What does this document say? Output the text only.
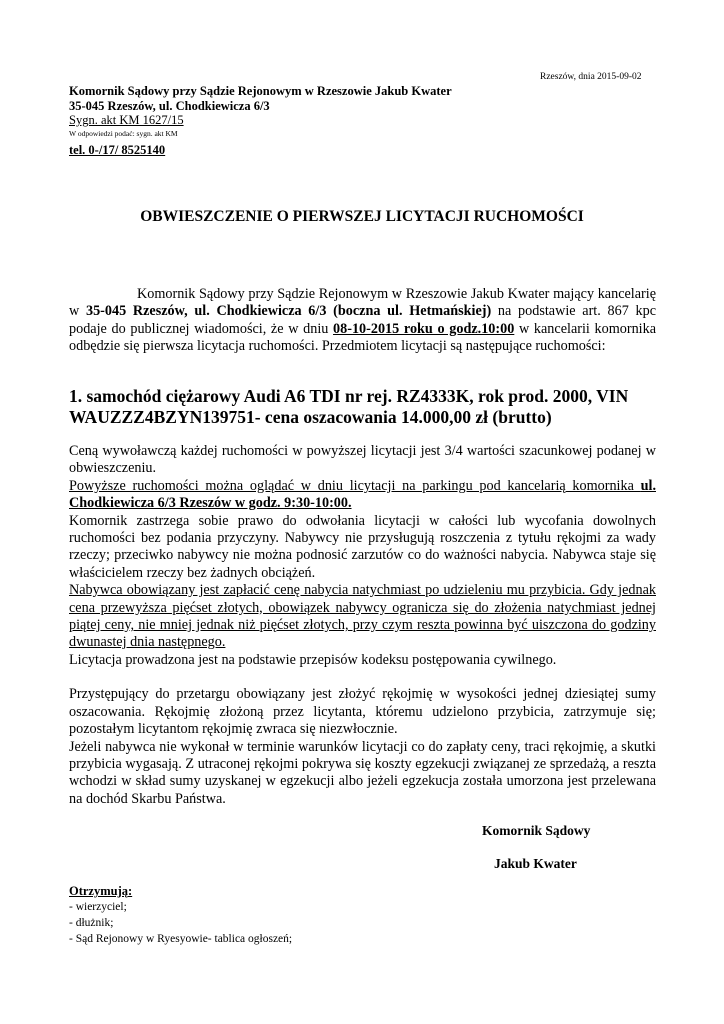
Rzeszów, dnia 2015-09-02
Komornik Sądowy przy Sądzie Rejonowym w Rzeszowie Jakub Kwater
35-045 Rzeszów, ul. Chodkiewicza 6/3
Sygn. akt KM 1627/15
W odpowiedzi podać: sygn. akt KM
tel. 0-/17/ 8525140
OBWIESZCZENIE O PIERWSZEJ LICYTACJI RUCHOMOŚCI
Komornik Sądowy przy Sądzie Rejonowym w Rzeszowie Jakub Kwater mający kancelarię w 35-045 Rzeszów, ul. Chodkiewicza 6/3 (boczna ul. Hetmańskiej) na podstawie art. 867 kpc podaje do publicznej wiadomości, że w dniu 08-10-2015 roku o godz.10:00 w kancelarii komornika odbędzie się pierwsza licytacja ruchomości. Przedmiotem licytacji są następujące ruchomości:
1. samochód ciężarowy Audi A6 TDI nr rej. RZ4333K, rok prod. 2000, VIN WAUZZZ4BZYN139751- cena oszacowania 14.000,00 zł (brutto)
Ceną wywoławczą każdej ruchomości w powyższej licytacji jest 3/4 wartości szacunkowej podanej w obwieszczeniu.
Powyższe ruchomości można oglądać w dniu licytacji na parkingu pod kancelarią komornika ul. Chodkiewicza 6/3 Rzeszów w godz. 9:30-10:00.
Komornik zastrzega sobie prawo do odwołania licytacji w całości lub wycofania dowolnych ruchomości bez podania przyczyny. Nabywcy nie przysługują roszczenia z tytułu rękojmi za wady rzeczy; przeciwko nabywcy nie można podnosić zarzutów co do ważności nabycia. Nabywca staje się właścicielem rzeczy bez żadnych obciążeń.
Nabywca obowiązany jest zapłacić cenę nabycia natychmiast po udzieleniu mu przybicia. Gdy jednak cena przewyższa pięćset złotych, obowiązek nabywcy ogranicza się do złożenia natychmiast jednej piątej ceny, nie mniej jednak niż pięćset złotych, przy czym reszta powinna być uiszczona do godziny dwunastej dnia następnego.
Licytacja prowadzona jest na podstawie przepisów kodeksu postępowania cywilnego.
Przystępujący do przetargu obowiązany jest złożyć rękojmię w wysokości jednej dziesiątej sumy oszacowania. Rękojmię złożoną przez licytanta, któremu udzielono przybicia, zatrzymuje się; pozostałym licytantom rękojmię zwraca się niezwłocznie.
Jeżeli nabywca nie wykonał w terminie warunków licytacji co do zapłaty ceny, traci rękojmię, a skutki przybicia wygasają. Z utraconej rękojmi pokrywa się koszty egzekucji związanej ze sprzedażą, a reszta wchodzi w skład sumy uzyskanej w egzekucji albo jeżeli egzekucja została umorzona jest przelewana na dochód Skarbu Państwa.
Komornik Sądowy
Jakub Kwater
Otrzymują:
- wierzyciel;
- dłużnik;
- Sąd Rejonowy w Ryesyowie- tablica ogłoszeń;
